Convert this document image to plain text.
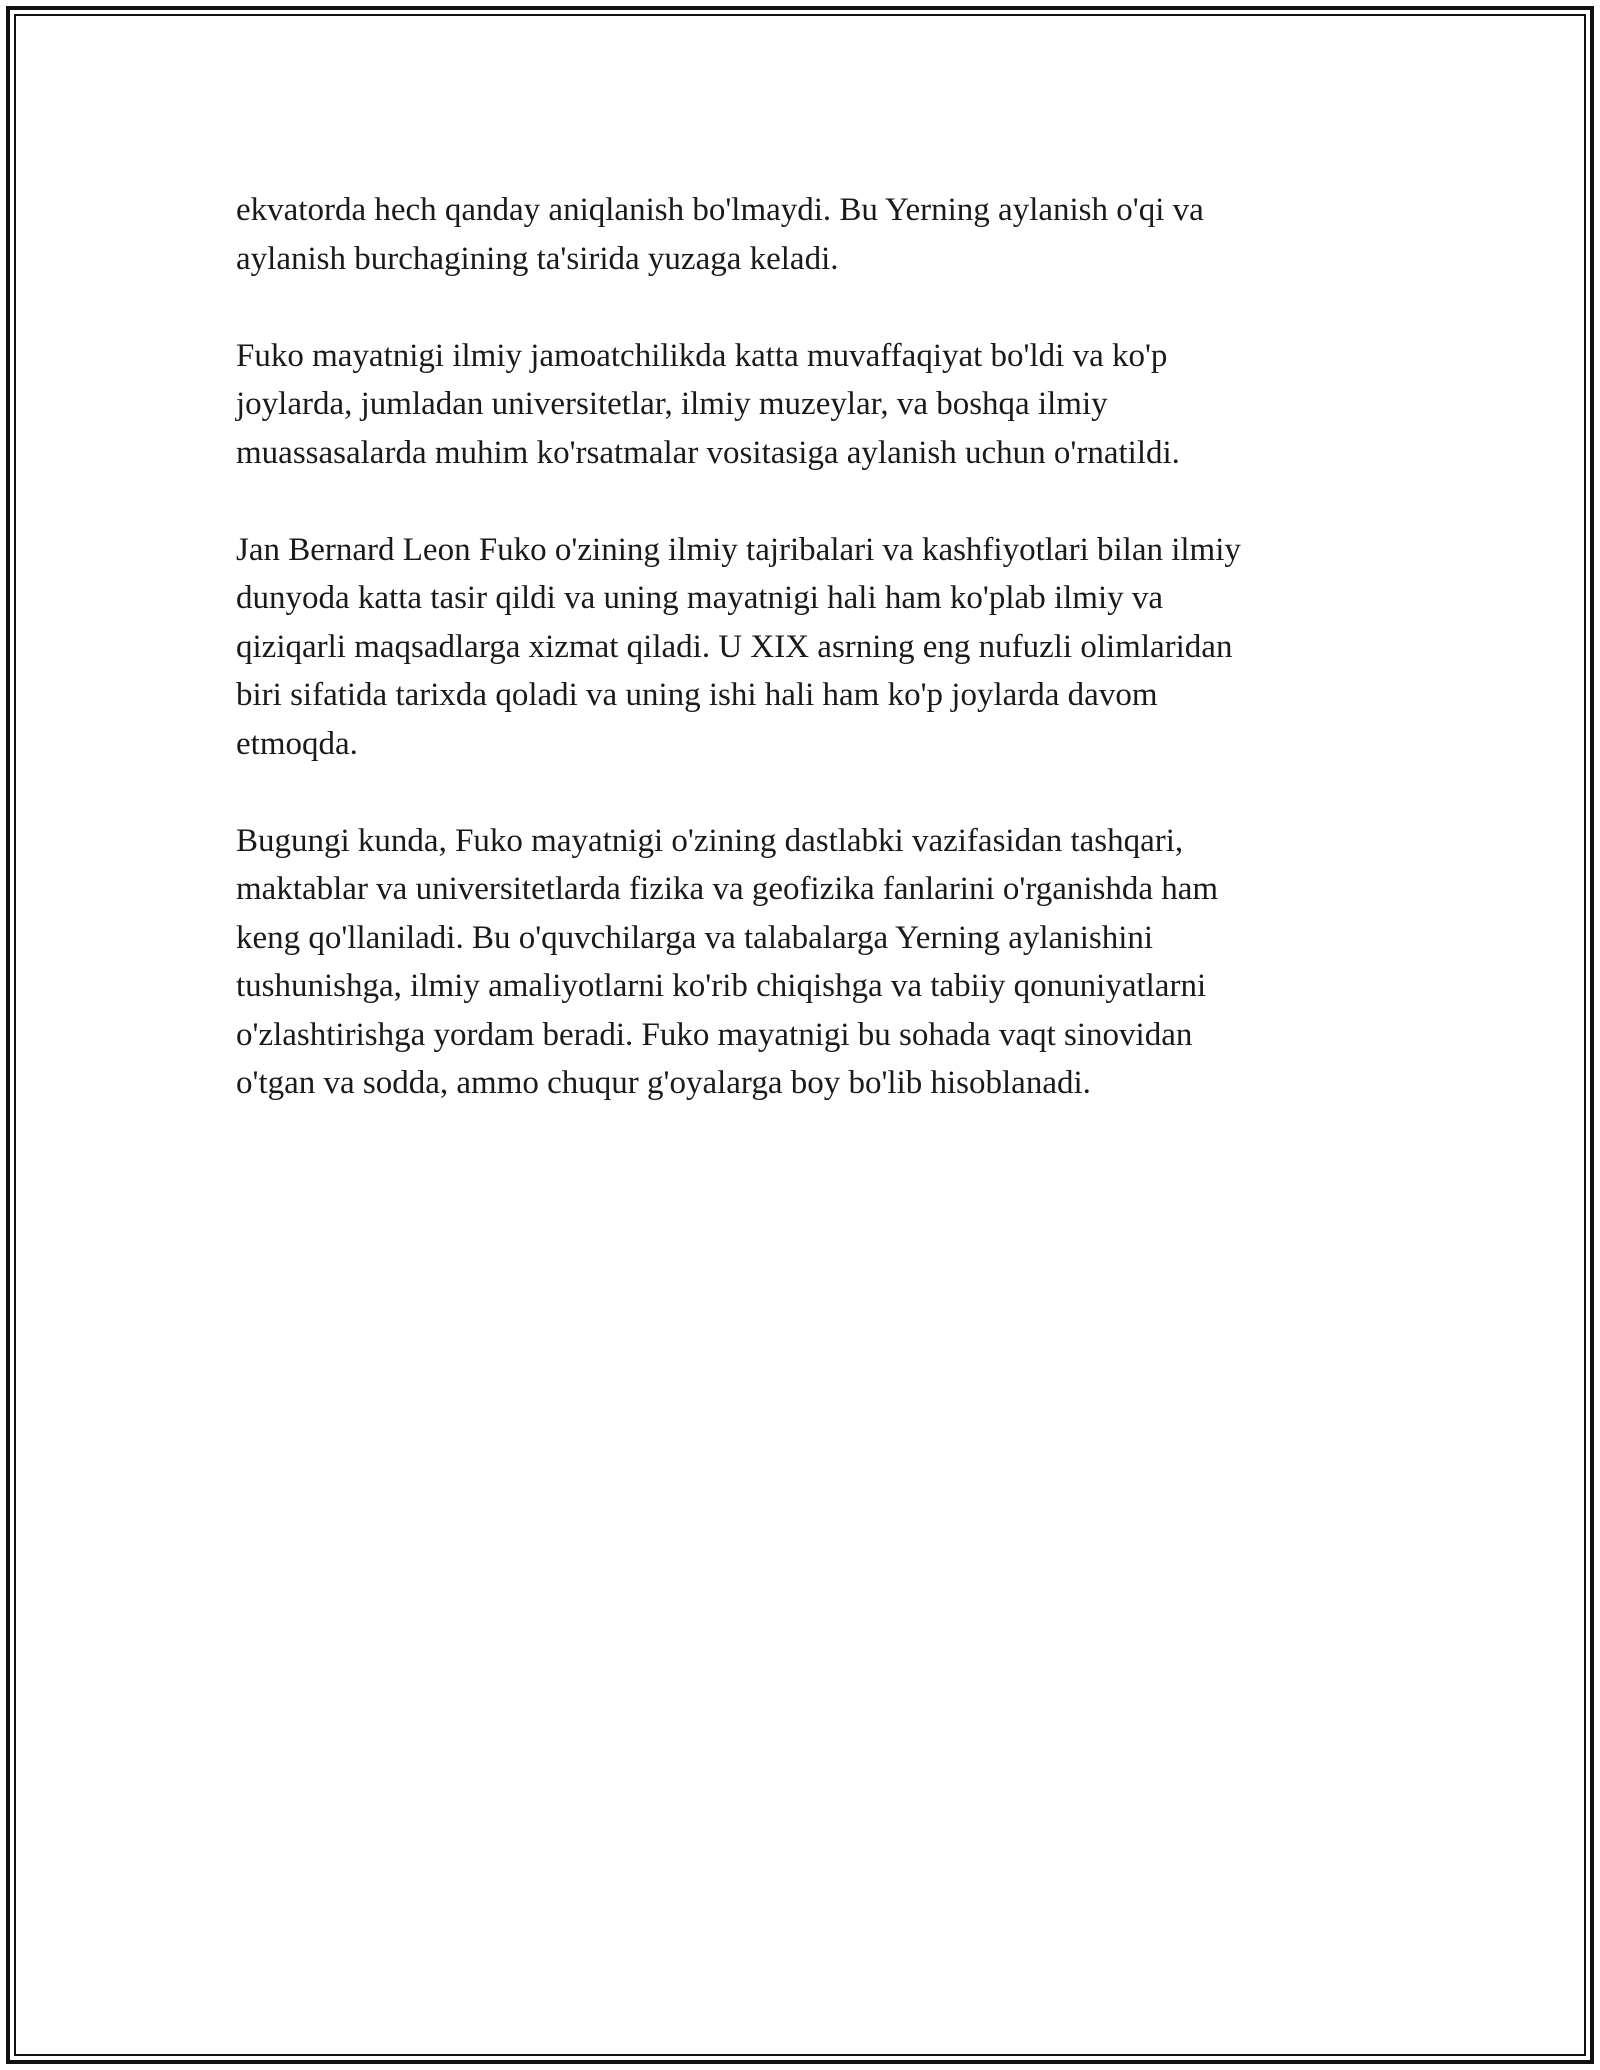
ekvatorda hech qanday aniqlanish bo'lmaydi. Bu Yerning aylanish o'qi va
aylanish burchagining ta'sirida yuzaga keladi.

Fuko mayatnigi ilmiy jamoatchilikda katta muvaffaqiyat bo'ldi va ko'p
joylarda, jumladan universitetlar, ilmiy muzeylar, va boshqa ilmiy
muassasalarda muhim ko'rsatmalar vositasiga aylanish uchun o'rnatildi.

Jan Bernard Leon Fuko o'zining ilmiy tajribalari va kashfiyotlari bilan ilmiy
dunyoda katta tasir qildi va uning mayatnigi hali ham ko'plab ilmiy va
qiziqarli maqsadlarga xizmat qiladi. U XIX asrning eng nufuzli olimlaridan
biri sifatida tarixda qoladi va uning ishi hali ham ko'p joylarda davom
etmoqda.

Bugungi kunda, Fuko mayatnigi o'zining dastlabki vazifasidan tashqari,
maktablar va universitetlarda fizika va geofizika fanlarini o'rganishda ham
keng qo'llaniladi. Bu o'quvchilarga va talabalarga Yerning aylanishini
tushunishga, ilmiy amaliyotlarni ko'rib chiqishga va tabiiy qonuniyatlarni
o'zlashtirishga yordam beradi. Fuko mayatnigi bu sohada vaqt sinovidan
o'tgan va sodda, ammo chuqur g'oyalarga boy bo'lib hisoblanadi.
